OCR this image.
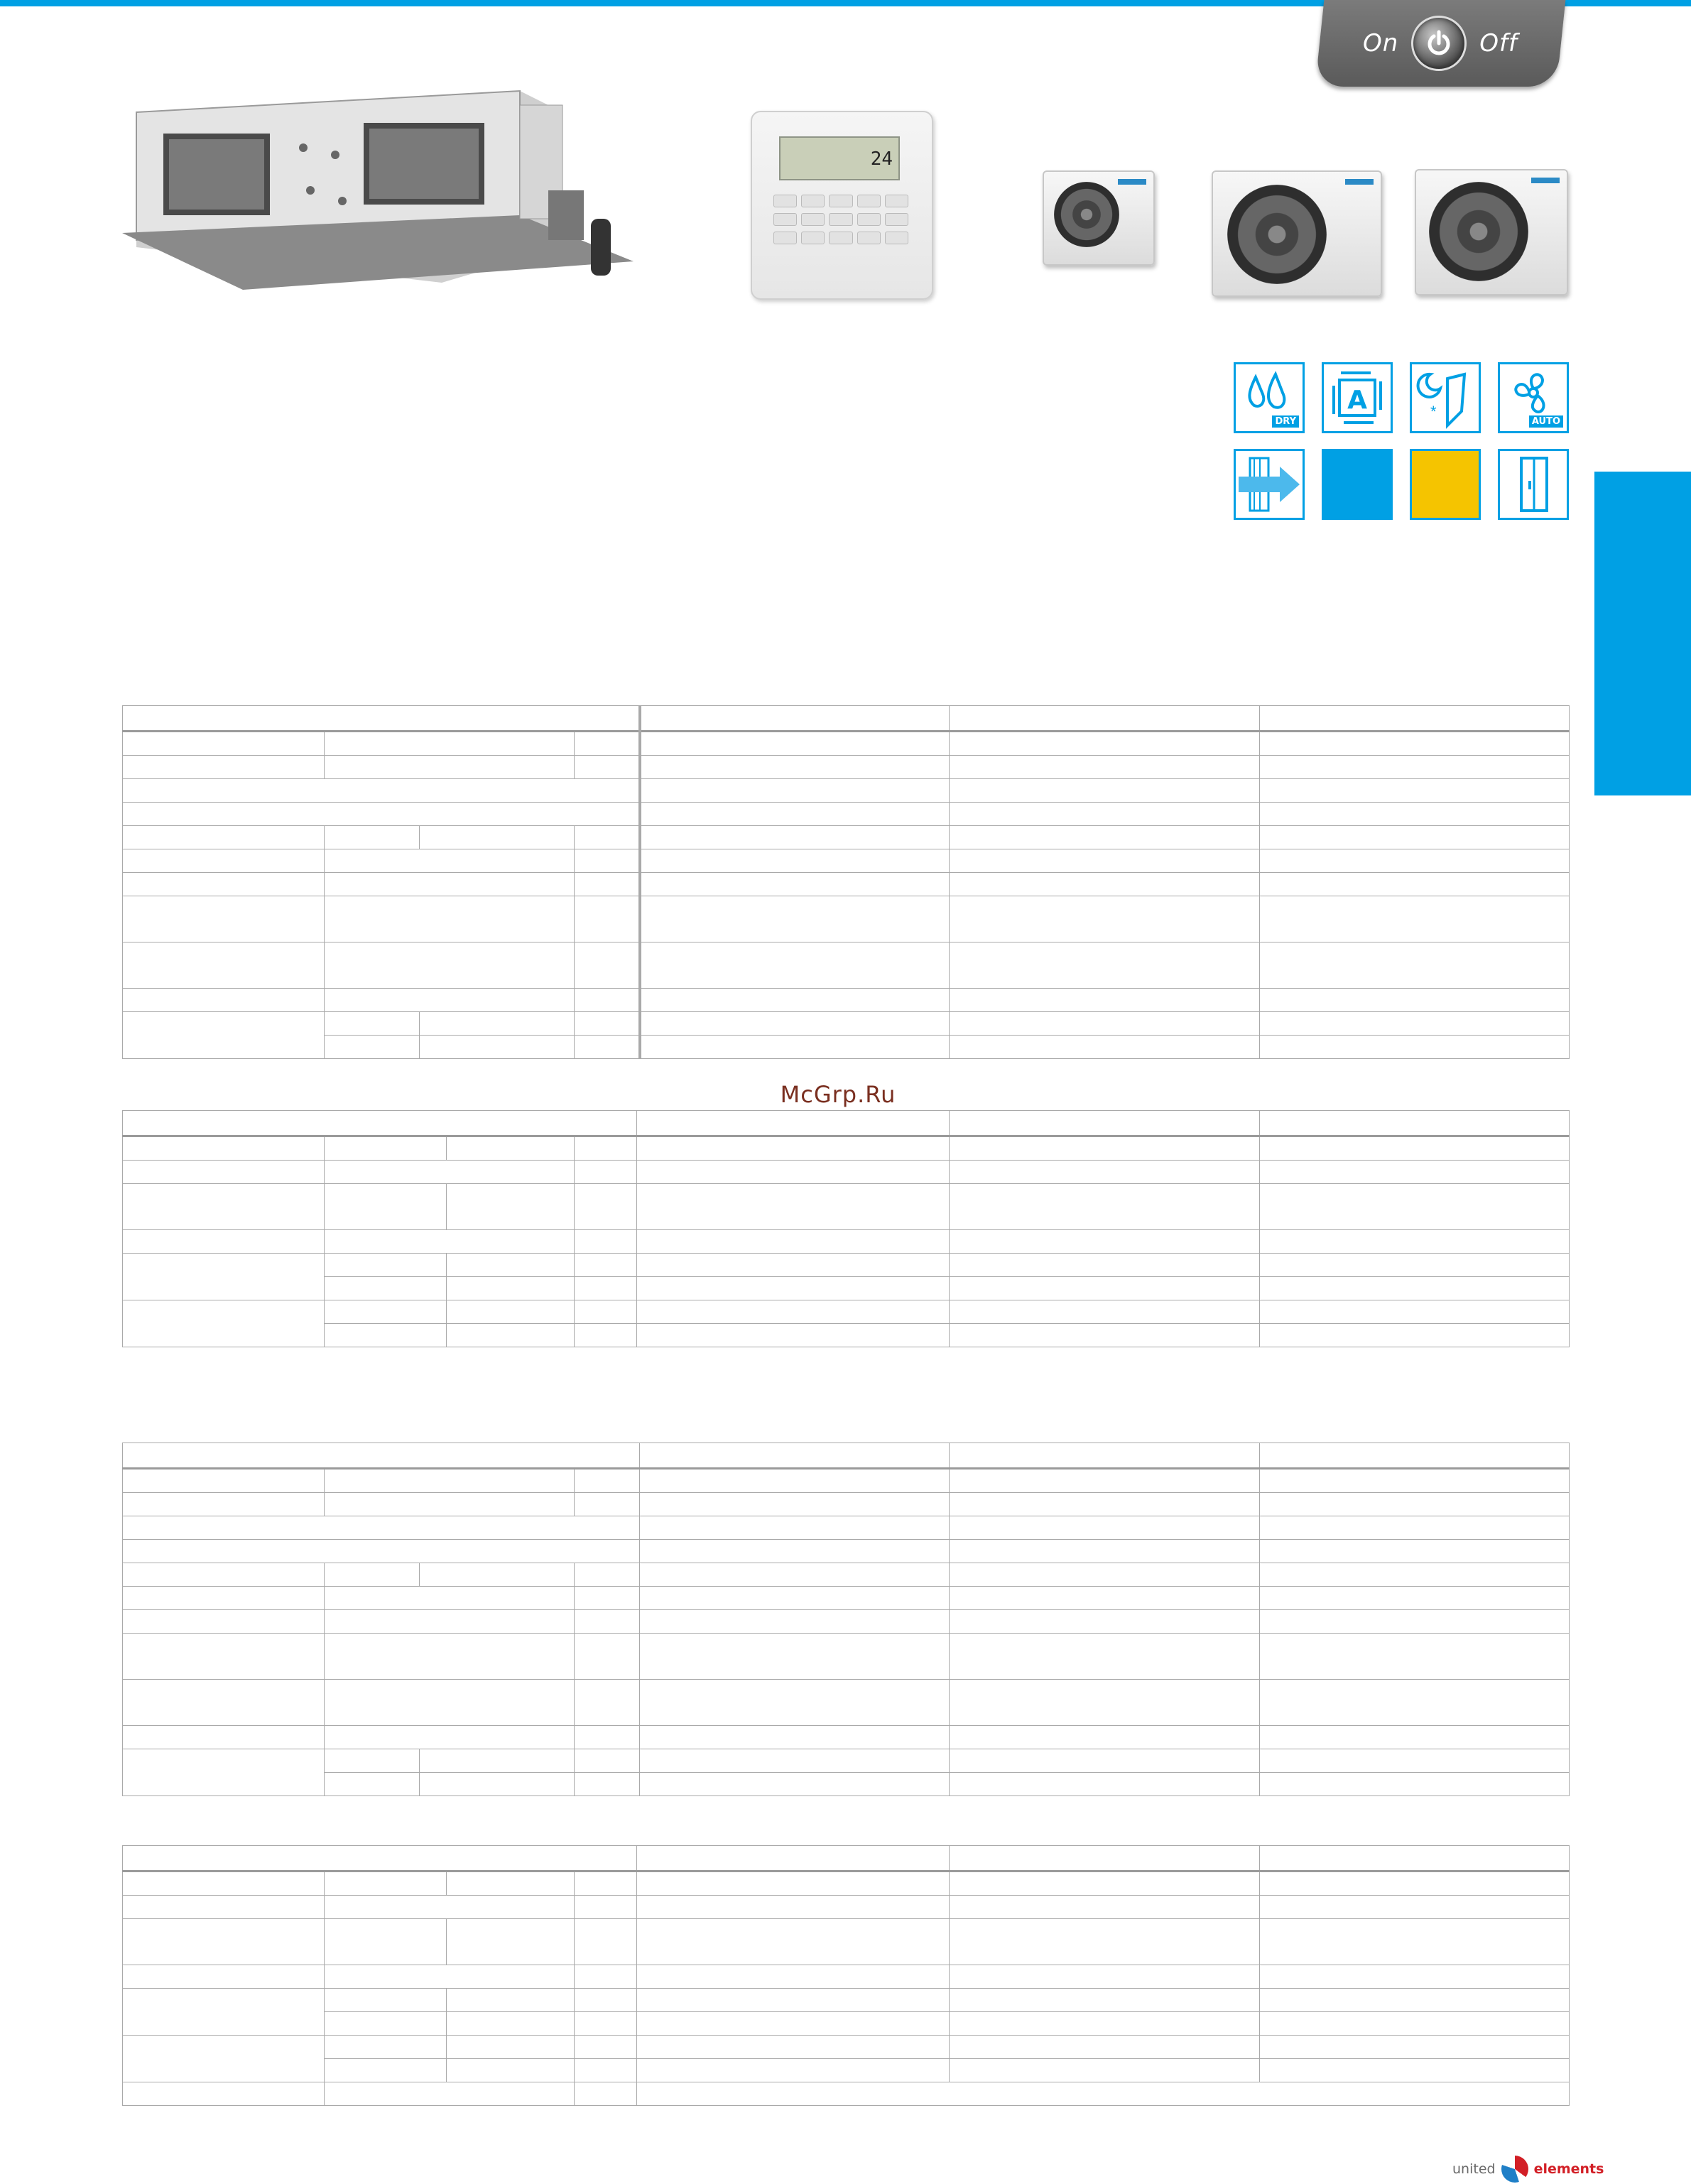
On	Off
24
DRY
A	*
AUTO

McGrp.Ru

united	elements
